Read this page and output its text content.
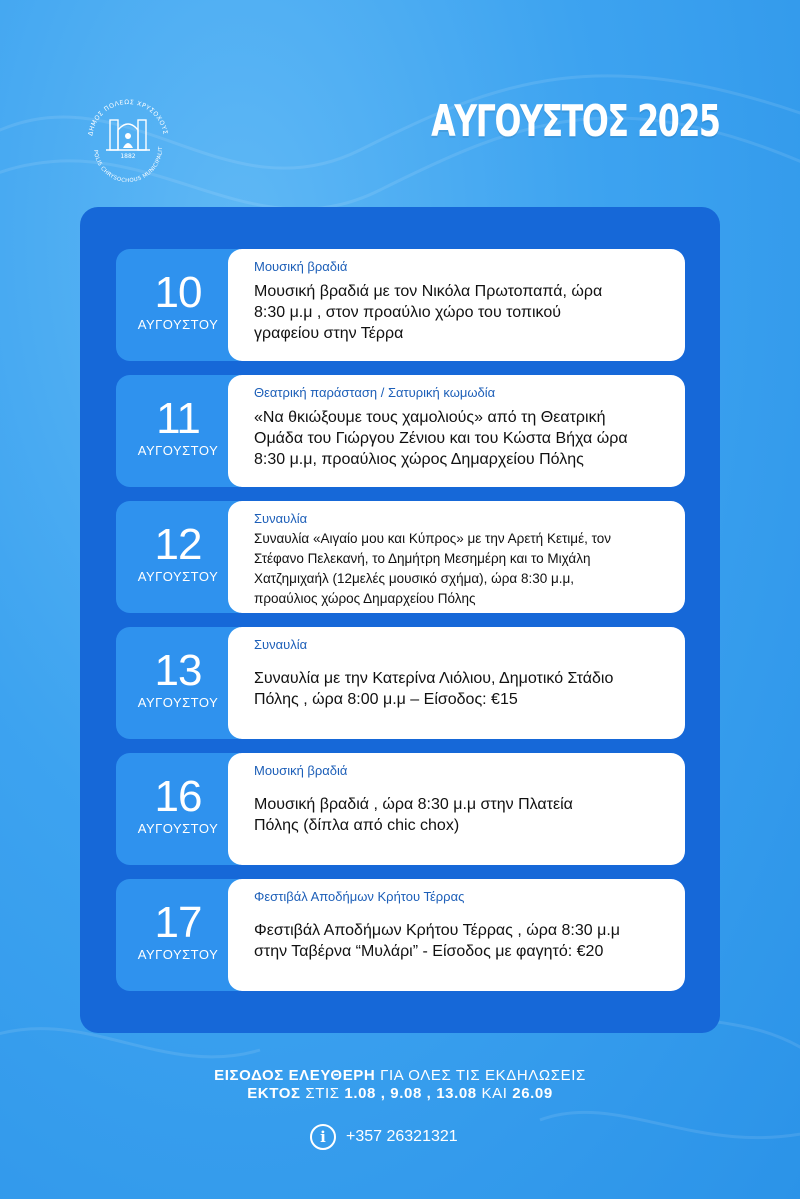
ΔΗΜΟΣ ΠΟΛΕΩΣ ΧΡΥΣΟΧΟΥΣ
POLIS CHRYSOCHOUS MUNICIPALIT
1882
ΑΥΓΟΥΣΤΟΣ 2025
10
ΑΥΓΟΥΣΤΟΥ
Μουσική βραδιά
Μουσική βραδιά με τον Νικόλα Πρωτοπαπά, ώρα
8:30 μ.μ , στον προαύλιο χώρο του τοπικού
γραφείου στην Τέρρα
11
ΑΥΓΟΥΣΤΟΥ
Θεατρική παράσταση / Σατυρική κωμωδία
«Να θκιώξουμε τους χαμολιούς» από τη Θεατρική
Ομάδα του Γιώργου Ζένιου και του Κώστα Βήχα ώρα
8:30 μ.μ, προαύλιος χώρος Δημαρχείου Πόλης
12
ΑΥΓΟΥΣΤΟΥ
Συναυλία
Συναυλία «Αιγαίο μου και Κύπρος» με την Αρετή Κετιμέ, τον
Στέφανο Πελεκανή, το Δημήτρη Μεσημέρη και το Μιχάλη
Χατζημιχαήλ (12μελές μουσικό σχήμα), ώρα 8:30 μ.μ,
προαύλιος χώρος Δημαρχείου Πόλης
13
ΑΥΓΟΥΣΤΟΥ
Συναυλία
Συναυλία με την Κατερίνα Λιόλιου, Δημοτικό Στάδιο
Πόλης , ώρα 8:00 μ.μ – Είσοδος: €15
16
ΑΥΓΟΥΣΤΟΥ
Μουσική βραδιά
Μουσική βραδιά , ώρα 8:30 μ.μ στην Πλατεία
Πόλης (δίπλα από chic chox)
17
ΑΥΓΟΥΣΤΟΥ
Φεστιβάλ Αποδήμων Κρήτου Τέρρας
Φεστιβάλ Αποδήμων Κρήτου Τέρρας , ώρα 8:30 μ.μ
στην Ταβέρνα “Μυλάρι” - Είσοδος με φαγητό: €20
ΕΙΣΟΔΟΣ ΕΛΕΥΘΕΡΗ ΓΙΑ ΟΛΕΣ ΤΙΣ ΕΚΔΗΛΩΣΕΙΣ
ΕΚΤΟΣ ΣΤΙΣ 1.08 , 9.08 , 13.08 ΚΑΙ 26.09
i	+357 26321321
